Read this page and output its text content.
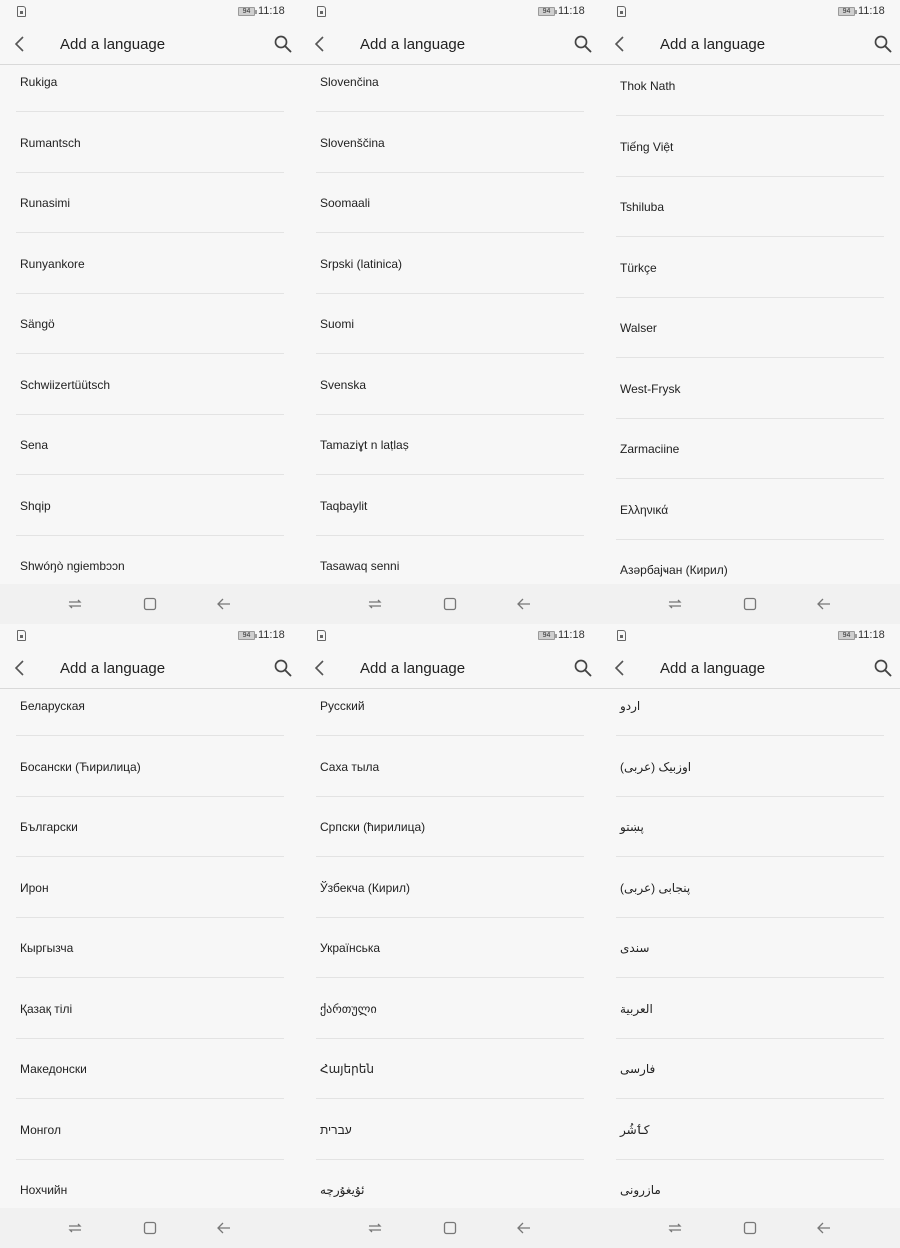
94 11:18
Add a language
Rukiga
Rumantsch
Runasimi
Runyankore
Sängö
Schwiizertüütsch
Sena
Shqip
Shwóŋò ngiembɔɔn
94 11:18
Add a language
Slovenčina
Slovenščina
Soomaali
Srpski (latinica)
Suomi
Svenska
Tamaziɣt n laṭlaṣ
Taqbaylit
Tasawaq senni
94 11:18
Add a language
Thok Nath
Tiếng Việt
Tshiluba
Türkçe
Walser
West-Frysk
Zarmaciine
Ελληνικά
Азәрбајҹан (Кирил)
94 11:18
Add a language
Беларуская
Босански (Ћирилица)
Български
Ирон
Кыргызча
Қазақ тілі
Македонски
Монгол
Нохчийн
94 11:18
Add a language
Русский
Саха тыла
Српски (ћирилица)
Ўзбекча (Кирил)
Українська
ქართული
Հայերեն
עברית
ئۇيغۇرچە
94 11:18
Add a language
اردو
اوزبیک (عربی)
پښتو
پنجابی (عربی)
سندی
العربية
فارسی
کٲشُر
مازرونی
